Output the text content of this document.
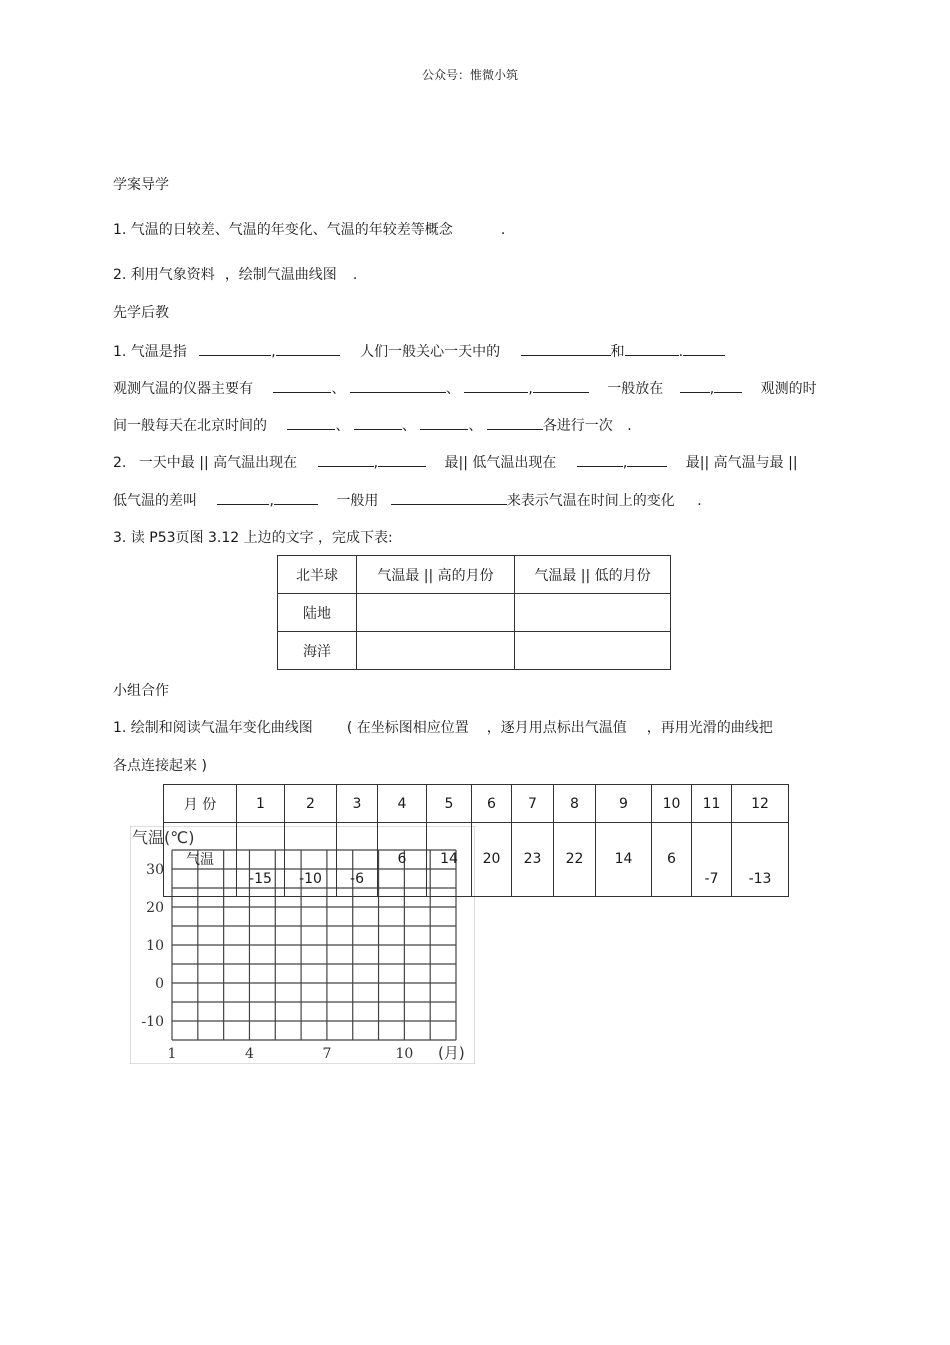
公众号：惟微小筑
学案导学
1. 气温的日较差、气温的年变化、气温的年较差等概念	.
2. 利用气象资料 ，绘制气温曲线图 .
先学后教
1. 气温是指	,	人们一般关心一天中的	和	.
观测气温的仪器主要有	、	、	,	一般放在	,	观测的时
间一般每天在北京时间的	、	、	、	各进行一次 .
2. 一天中最 || 高气温出现在	,	最|| 低气温出现在	,	最|| 高气温与最 ||
低气温的差叫	,	一般用	来表示气温在时间上的变化 .
3. 读 P53页图 3.12 上边的文字 ，完成下表:
北半球	气温最 || 高的月份	气温最 || 低的月份
陆地		
海洋		
小组合作
1. 绘制和阅读气温年变化曲线图 ( 在坐标图相应位置 ，逐月用点标出气温值 ，再用光滑的曲线把
各点连接起来 )
气温(℃)
30
20
10
0
-10
1	4	7	10 (月)
月 份	1	2	3	4	5	6	7	8	9	10	11	12
气温	-15	-10	-6	6	14	20	23	22	14	6	-7	-13
